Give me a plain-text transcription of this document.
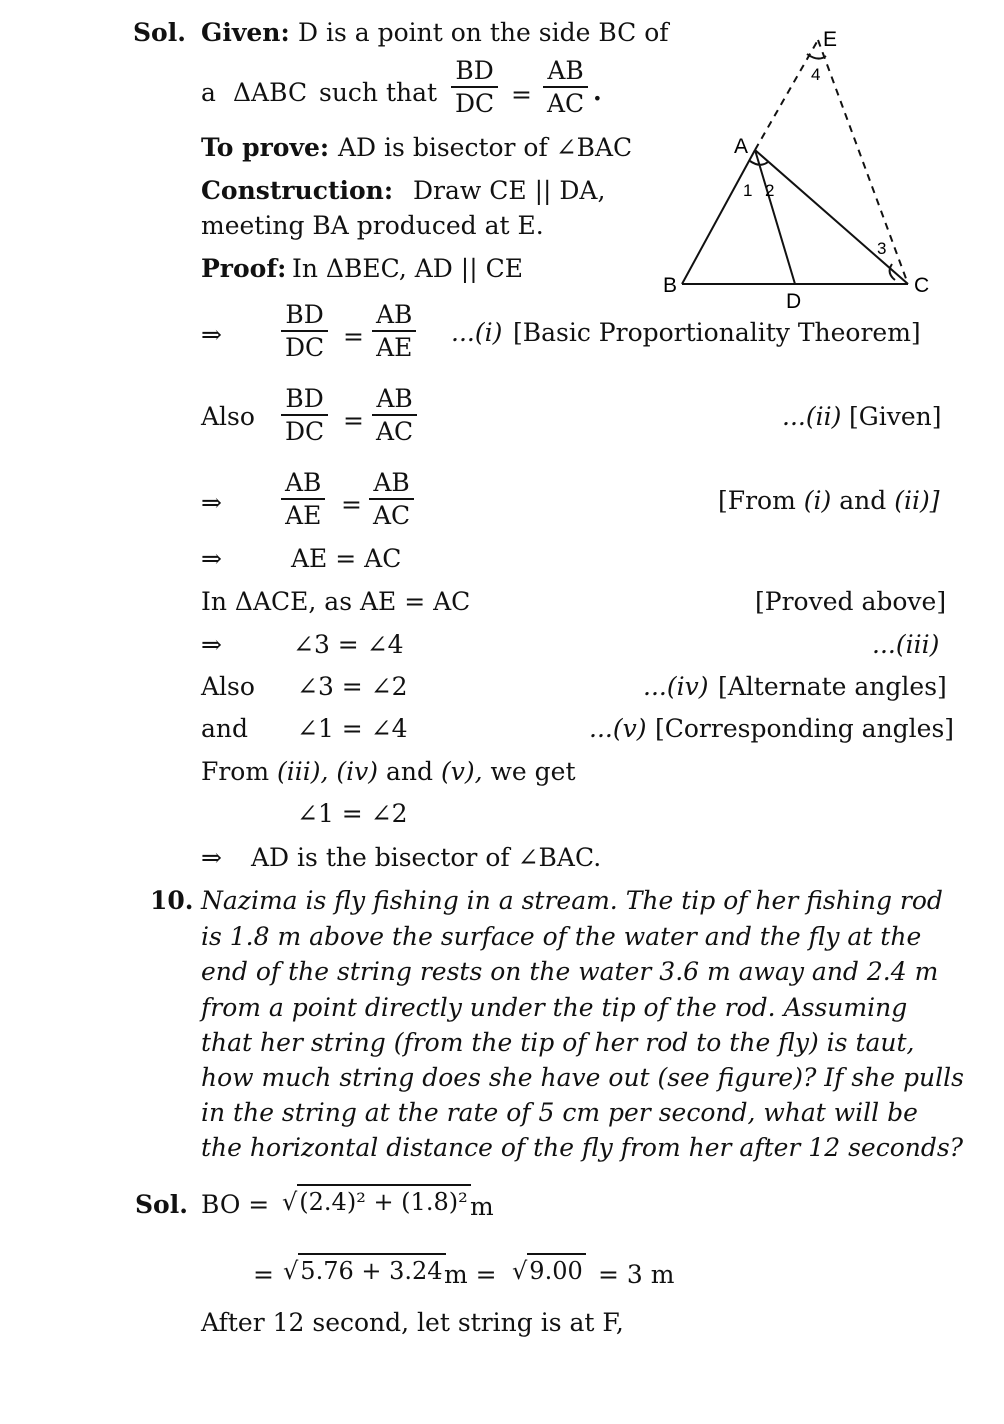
Sol. Given: D is a point on the side BC of
a ΔABC such that $\frac{BD}{DC} = \frac{AB}{AC}$ ·
To prove: AD is bisector of ∠BAC
Construction: Draw CE || DA,
meeting BA produced at E.
Proof: In ΔBEC, AD || CE
A
B	C
D
E
1 2
3
4
⇒ $\frac{BD}{DC} = \frac{AB}{AE} ...(i)$ [Basic Proportionality Theorem]
Also $\frac{BD}{DC} = \frac{AB}{AC}$	...(ii) [Given]
⇒ $\frac{AB}{AE} = \frac{AB}{AC}$	[From (i) and (ii)]
⇒	AE = AC
In ΔACE, as AE = AC	[Proved above]
⇒	∠3 = ∠4	...(iii)
Also ∠3 = ∠2	...(iv) [Alternate angles]
and ∠1 = ∠4	...(v) [Corresponding angles]
From (iii), (iv) and (v), we get
∠1 = ∠2
⇒ AD is the bisector of ∠BAC.
10. Nazima is fly fishing in a stream. The tip of her fishing rod
is 1.8 m above the surface of the water and the fly at the
end of the string rests on the water 3.6 m away and 2.4 m
from a point directly under the tip of the rod. Assuming
that her string (from the tip of her rod to the fly) is taut,
how much string does she have out (see figure)? If she pulls
in the string at the rate of 5 cm per second, what will be
the horizontal distance of the fly from her after 12 seconds?
Sol. BO = √(2.4)² + (1.8)² m
= √5.76 + 3.24 m = √9.00 = 3 m
After 12 second, let string is at F,
